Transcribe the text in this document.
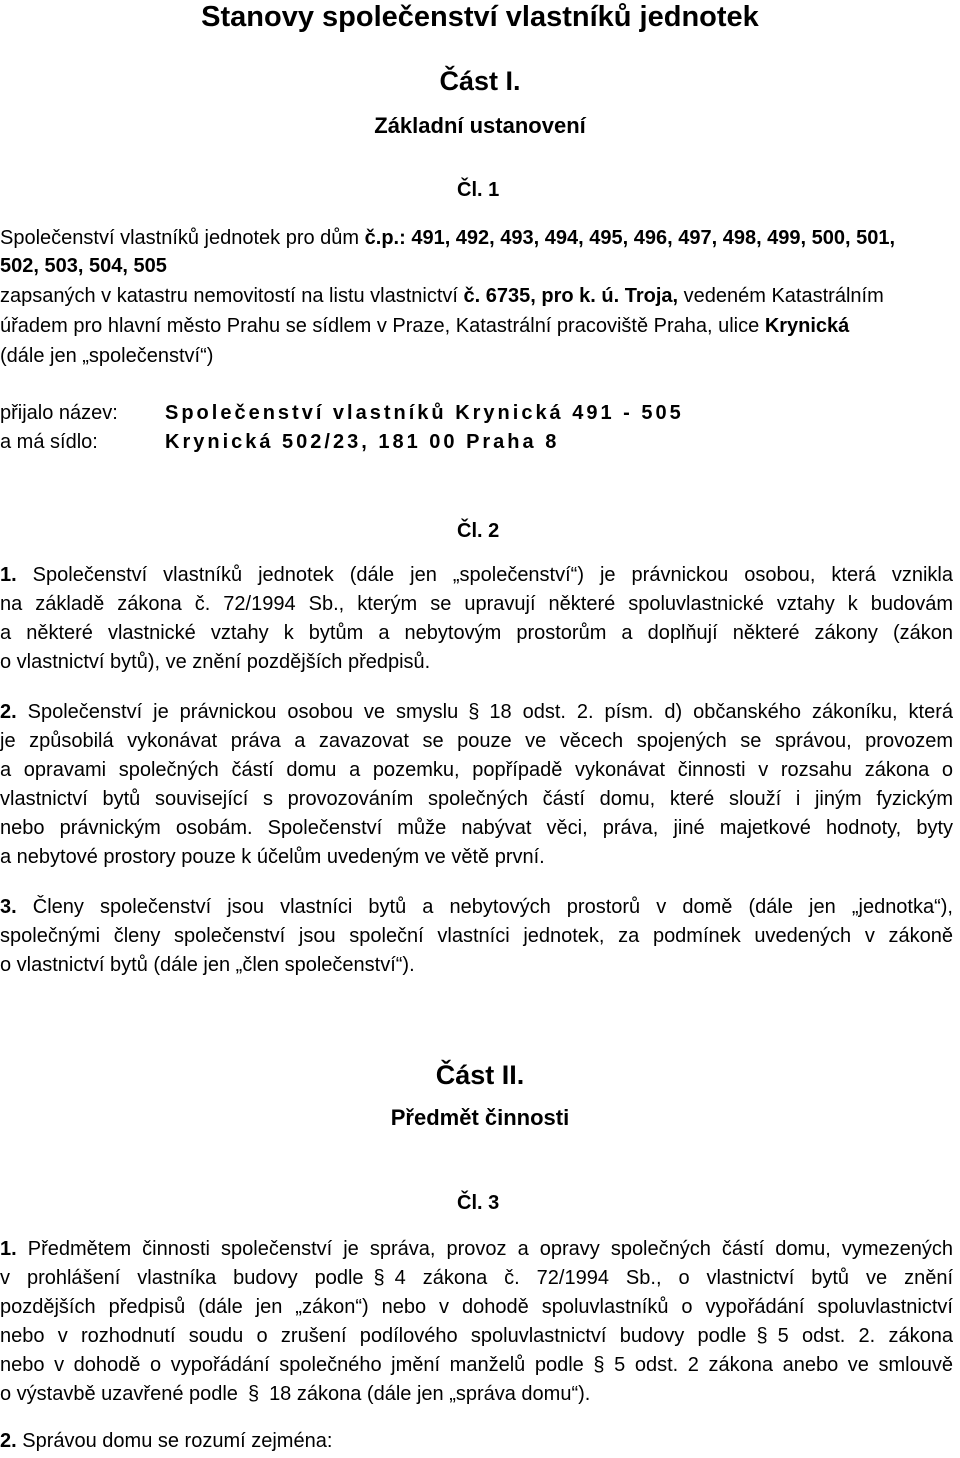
Stanovy společenství vlastníků jednotek
Část I.
Základní ustanovení
Čl. 1
Společenství vlastníků jednotek pro dům č.p.: 491, 492, 493, 494, 495, 496, 497, 498, 499, 500, 501,
502, 503, 504, 505
zapsaných v katastru nemovitostí na listu vlastnictví č. 6735, pro k. ú. Troja, vedeném Katastrálním
úřadem pro hlavní město Prahu se sídlem v Praze, Katastrální pracoviště Praha, ulice Krynická
(dále jen „společenství“)
přijalo název: Společenství vlastníků Krynická 491 - 505
a má sídlo:	Krynická 502/23, 181 00 Praha 8
Čl. 2
1. Společenství vlastníků jednotek (dále jen „společenství“) je právnickou osobou, která vznikla
na základě zákona č. 72/1994 Sb., kterým se upravují některé spoluvlastnické vztahy k budovám
a některé vlastnické vztahy k bytům a nebytovým prostorům a doplňují některé zákony (zákon
o vlastnictví bytů), ve znění pozdějších předpisů.
2. Společenství je právnickou osobou ve smyslu § 18 odst. 2. písm. d) občanského zákoníku, která
je způsobilá vykonávat práva a zavazovat se pouze ve věcech spojených se správou, provozem
a opravami společných částí domu a pozemku, popřípadě vykonávat činnosti v rozsahu zákona o
vlastnictví bytů související s provozováním společných částí domu, které slouží i jiným fyzickým
nebo právnickým osobám. Společenství může nabývat věci, práva, jiné majetkové hodnoty, byty
a nebytové prostory pouze k účelům uvedeným ve větě první.
3. Členy společenství jsou vlastníci bytů a nebytových prostorů v domě (dále jen „jednotka“),
společnými členy společenství jsou společní vlastníci jednotek, za podmínek uvedených v zákoně
o vlastnictví bytů (dále jen „člen společenství“).
Část II.
Předmět činnosti
Čl. 3
1. Předmětem činnosti společenství je správa, provoz a opravy společných částí domu, vymezených
v prohlášení vlastníka budovy podle § 4 zákona č. 72/1994 Sb., o vlastnictví bytů ve znění
pozdějších předpisů (dále jen „zákon“) nebo v dohodě spoluvlastníků o vypořádání spoluvlastnictví
nebo v rozhodnutí soudu o zrušení podílového spoluvlastnictví budovy podle § 5 odst. 2. zákona
nebo v dohodě o vypořádání společného jmění manželů podle § 5 odst. 2 zákona anebo ve smlouvě
o výstavbě uzavřené podle § 18 zákona (dále jen „správa domu“).
2. Správou domu se rozumí zejména:
